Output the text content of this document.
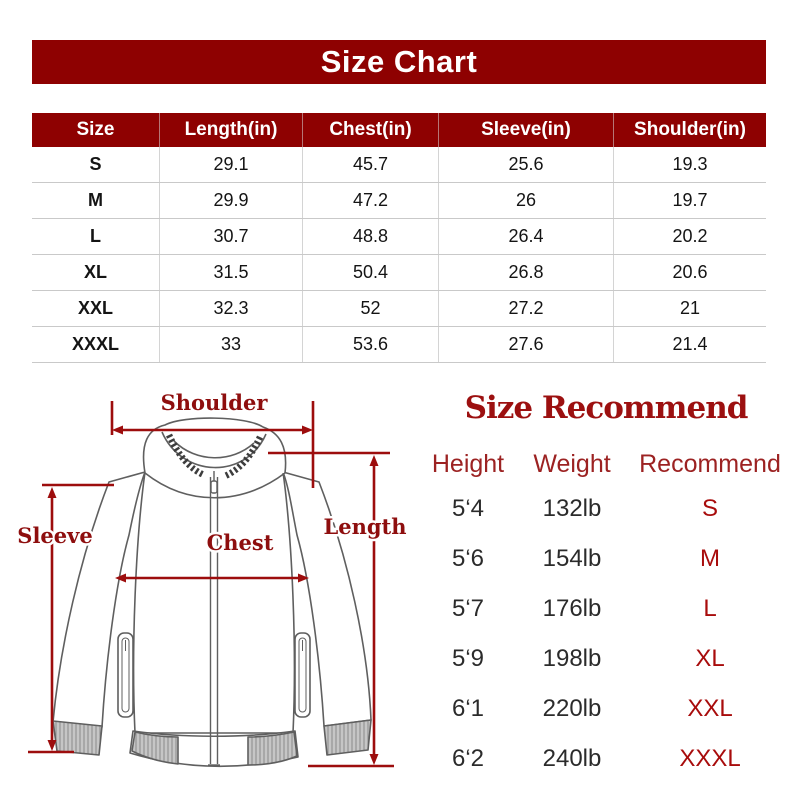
Size Chart
Size	Length(in)	Chest(in)	Sleeve(in)	Shoulder(in)
S	29.1	45.7	25.6	19.3
M	29.9	47.2	26	19.7
L	30.7	48.8	26.4	20.2
XL	31.5	50.4	26.8	20.6
XXL	32.3	52	27.2	21
XXXL	33	53.6	27.6	21.4
Shoulder
Sleeve	Chest
Length
Size Recommend
Height	Weight	Recommend
5‘4	132lb	S
5‘6	154lb	M
5‘7	176lb	L
5‘9	198lb	XL
6‘1	220lb	XXL
6‘2	240lb	XXXL
